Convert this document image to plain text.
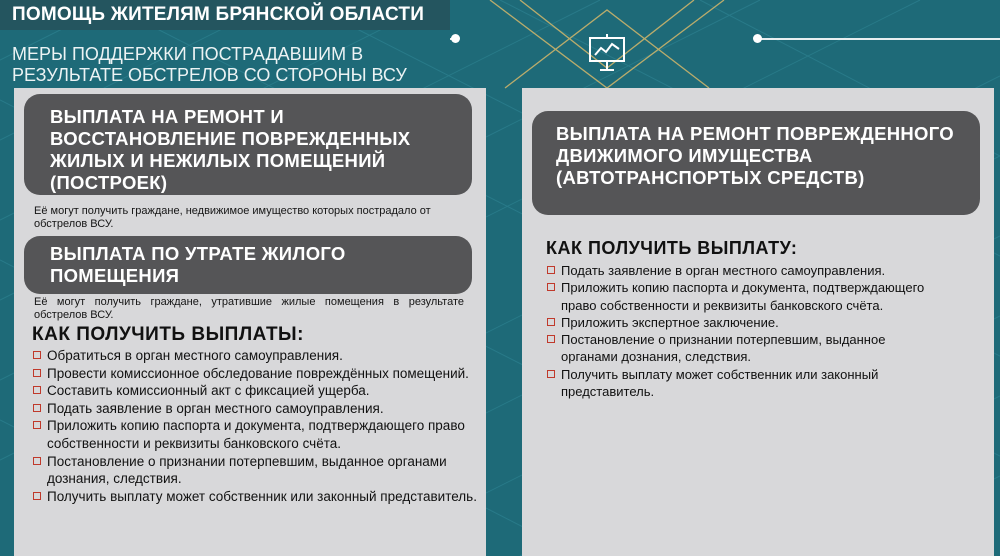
ПОМОЩЬ ЖИТЕЛЯМ БРЯНСКОЙ ОБЛАСТИ
МЕРЫ ПОДДЕРЖКИ ПОСТРАДАВШИМ В РЕЗУЛЬТАТЕ ОБСТРЕЛОВ СО СТОРОНЫ ВСУ
ВЫПЛАТА НА РЕМОНТ И ВОССТАНОВЛЕНИЕ ПОВРЕЖДЕННЫХ ЖИЛЫХ И НЕЖИЛЫХ ПОМЕЩЕНИЙ (ПОСТРОЕК)
Её могут получить граждане, недвижимое имущество которых пострадало от обстрелов ВСУ.
ВЫПЛАТА ПО УТРАТЕ ЖИЛОГО ПОМЕЩЕНИЯ
Её могут получить граждане, утратившие жилые помещения в результате обстрелов ВСУ.
КАК ПОЛУЧИТЬ ВЫПЛАТЫ:
Обратиться в орган местного самоуправления.
Провести комиссионное обследование повреждённых помещений.
Составить комиссионный акт с фиксацией ущерба.
Подать заявление в орган местного самоуправления.
Приложить копию паспорта и документа, подтверждающего право собственности и реквизиты банковского счёта.
Постановление о признании потерпевшим, выданное органами дознания, следствия.
Получить выплату может собственник или законный представитель.
ВЫПЛАТА НА РЕМОНТ ПОВРЕЖДЕННОГО ДВИЖИМОГО ИМУЩЕСТВА (АВТОТРАНСПОРТЫХ СРЕДСТВ)
КАК ПОЛУЧИТЬ ВЫПЛАТУ:
Подать заявление в орган местного самоуправления.
Приложить копию паспорта и документа, подтверждающего право собственности и реквизиты банковского счёта.
Приложить экспертное заключение.
Постановление о признании потерпевшим, выданное органами дознания, следствия.
Получить выплату может собственник или законный представитель.
